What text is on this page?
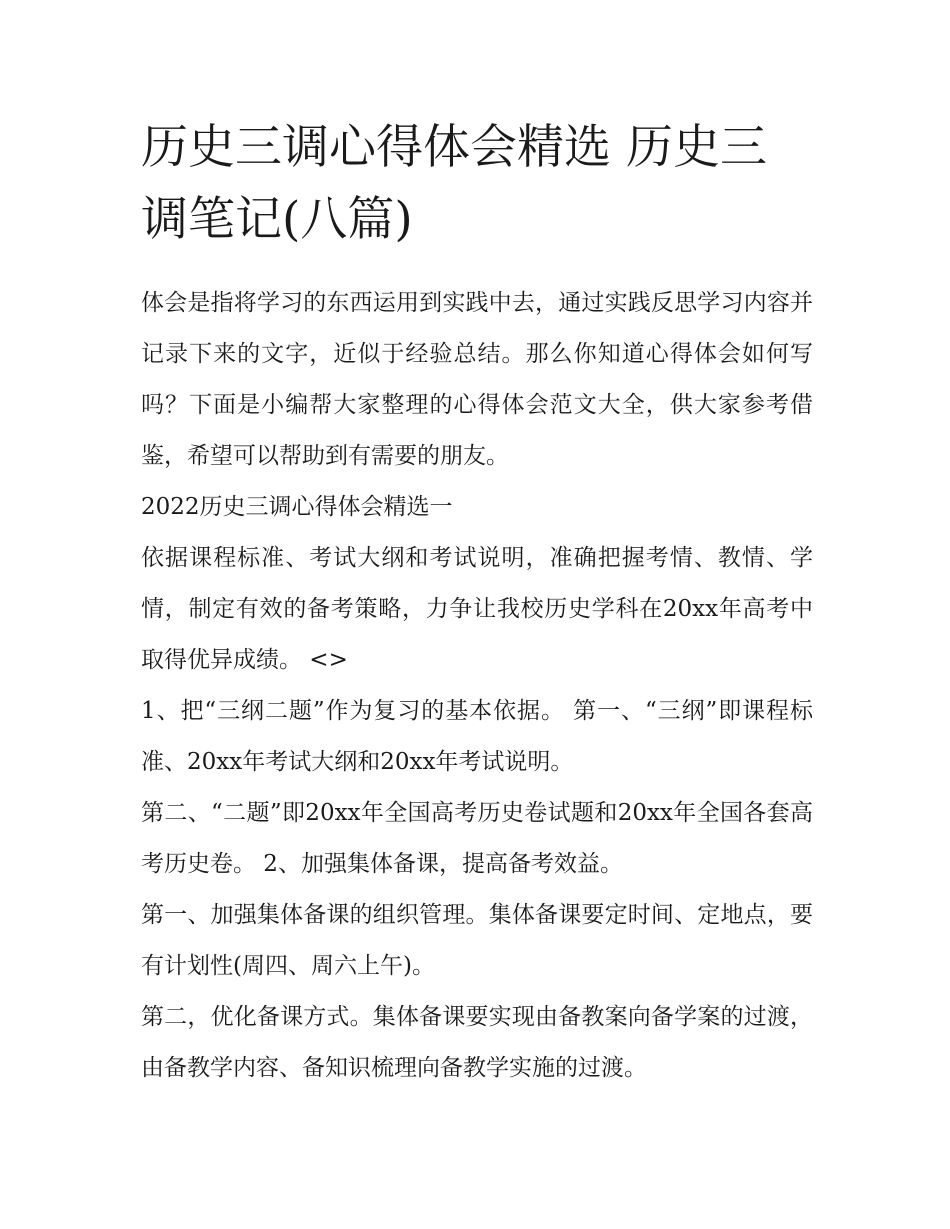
历史三调心得体会精选 历史三调笔记(八篇)

体会是指将学习的东西运用到实践中去，通过实践反思学习内容并记录下来的文字，近似于经验总结。那么你知道心得体会如何写吗？下面是小编帮大家整理的心得体会范文大全，供大家参考借鉴，希望可以帮助到有需要的朋友。

2022历史三调心得体会精选一

依据课程标准、考试大纲和考试说明，准确把握考情、教情、学情，制定有效的备考策略，力争让我校历史学科在20xx年高考中取得优异成绩。 <>

1、把“三纲二题”作为复习的基本依据。 第一、“三纲”即课程标准、20xx年考试大纲和20xx年考试说明。

第二、“二题”即20xx年全国高考历史卷试题和20xx年全国各套高考历史卷。 2、加强集体备课，提高备考效益。

第一、加强集体备课的组织管理。集体备课要定时间、定地点，要有计划性(周四、周六上午)。

第二，优化备课方式。集体备课要实现由备教案向备学案的过渡，由备教学内容、备知识梳理向备教学实施的过渡。
